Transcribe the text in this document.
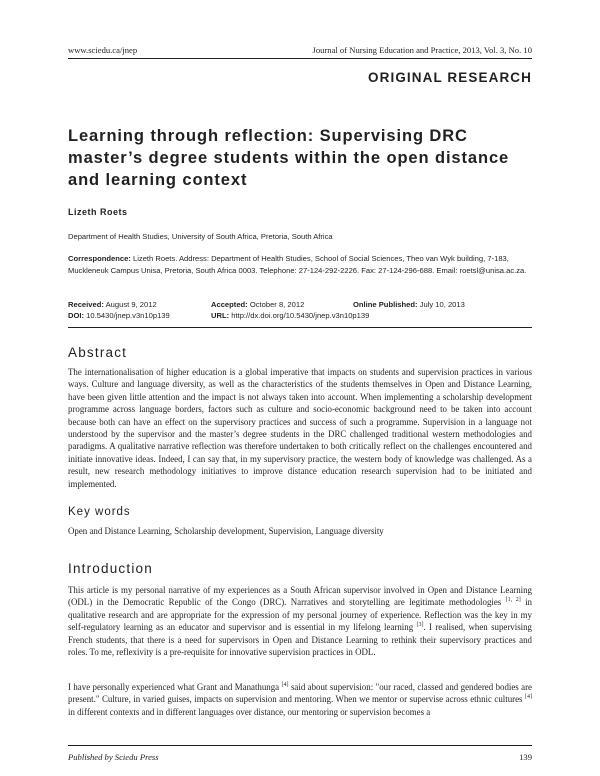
www.sciedu.ca/jnep	Journal of Nursing Education and Practice, 2013, Vol. 3, No. 10
ORIGINAL RESEARCH
Learning through reflection: Supervising DRC master’s degree students within the open distance and learning context
Lizeth Roets
Department of Health Studies, University of South Africa, Pretoria, South Africa
Correspondence: Lizeth Roets. Address: Department of Health Studies, School of Social Sciences, Theo van Wyk building, 7-183, Muckleneuk Campus Unisa, Pretoria, South Africa 0003. Telephone: 27-124-292-2226. Fax: 27-124-296-688. Email: roetsl@unisa.ac.za.
Received: August 9, 2012	Accepted: October 8, 2012	Online Published: July 10, 2013
DOI: 10.5430/jnep.v3n10p139	URL: http://dx.doi.org/10.5430/jnep.v3n10p139
Abstract

The internationalisation of higher education is a global imperative that impacts on students and supervision practices in various ways. Culture and language diversity, as well as the characteristics of the students themselves in Open and Distance Learning, have been given little attention and the impact is not always taken into account. When implementing a scholarship development programme across language borders, factors such as culture and socio-economic background need to be taken into account because both can have an effect on the supervisory practices and success of such a programme. Supervision in a language not understood by the supervisor and the master’s degree students in the DRC challenged traditional western methodologies and paradigms. A qualitative narrative reflection was therefore undertaken to both critically reflect on the challenges encountered and initiate innovative ideas. Indeed, I can say that, in my supervisory practice, the western body of knowledge was challenged. As a result, new research methodology initiatives to improve distance education research supervision had to be initiated and implemented.

Key words

Open and Distance Learning, Scholarship development, Supervision, Language diversity

Introduction

This article is my personal narrative of my experiences as a South African supervisor involved in Open and Distance Learning (ODL) in the Democratic Republic of the Congo (DRC). Narratives and storytelling are legitimate methodologies [1, 2] in qualitative research and are appropriate for the expression of my personal journey of experience. Reflection was the key in my self-regulatory learning as an educator and supervisor and is essential in my lifelong learning [3]. I realised, when supervising French students, that there is a need for supervisors in Open and Distance Learning to rethink their supervisory practices and roles. To me, reflexivity is a pre-requisite for innovative supervision practices in ODL.

I have personally experienced what Grant and Manathunga [4] said about supervision: "our raced, classed and gendered bodies are present." Culture, in varied guises, impacts on supervision and mentoring. When we mentor or supervise across ethnic cultures [4] in different contexts and in different languages over distance, our mentoring or supervision becomes a

Published by Sciedu Press	139
